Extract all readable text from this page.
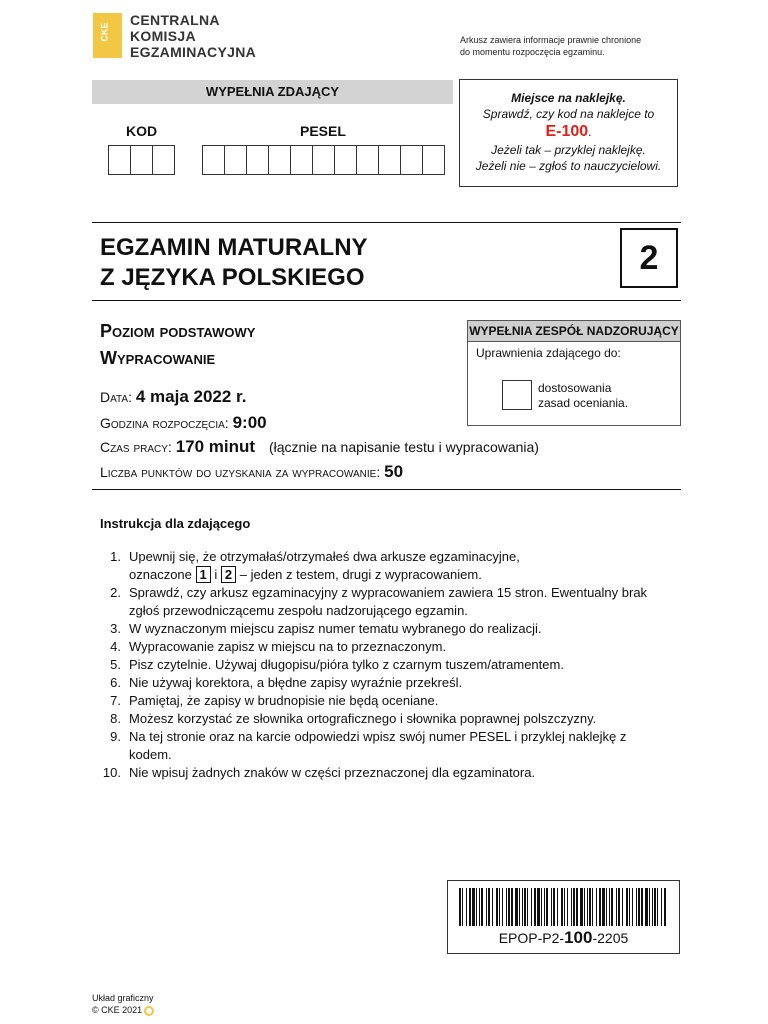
CKE
CENTRALNA
KOMISJA
EGZAMINACYJNA
Arkusz zawiera informacje prawnie chronione
do momentu rozpoczęcia egzaminu.
WYPEŁNIA ZDAJĄCY
KOD	PESEL
Miejsce na naklejkę.
Sprawdź, czy kod na naklejce to
E-100.
Jeżeli tak – przyklej naklejkę.
Jeżeli nie – zgłoś to nauczycielowi.
EGZAMIN MATURALNY
Z JĘZYKA POLSKIEGO
2
Poziom podstawowy
Wypracowanie
WYPEŁNIA ZESPÓŁ NADZORUJĄCY
Uprawnienia zdającego do:
dostosowania
zasad oceniania.
Data: 4 maja 2022 r.
Godzina rozpoczęcia: 9:00
Czas pracy: 170 minut (łącznie na napisanie testu i wypracowania)
Liczba punktów do uzyskania za wypracowanie: 50
Instrukcja dla zdającego
1. Upewnij się, że otrzymałaś/otrzymałeś dwa arkusze egzaminacyjne,
oznaczone 1 i 2 – jeden z testem, drugi z wypracowaniem.
2. Sprawdź, czy arkusz egzaminacyjny z wypracowaniem zawiera 15 stron. Ewentualny brak zgłoś przewodniczącemu zespołu nadzorującego egzamin.
3. W wyznaczonym miejscu zapisz numer tematu wybranego do realizacji.
4. Wypracowanie zapisz w miejscu na to przeznaczonym.
5. Pisz czytelnie. Używaj długopisu/pióra tylko z czarnym tuszem/atramentem.
6. Nie używaj korektora, a błędne zapisy wyraźnie przekreśl.
7. Pamiętaj, że zapisy w brudnopisie nie będą oceniane.
8. Możesz korzystać ze słownika ortograficznego i słownika poprawnej polszczyzny.
9. Na tej stronie oraz na karcie odpowiedzi wpisz swój numer PESEL i przyklej naklejkę z kodem.
10. Nie wpisuj żadnych znaków w części przeznaczonej dla egzaminatora.
EPOP-P2-100-2205
Układ graficzny
© CKE 2021
